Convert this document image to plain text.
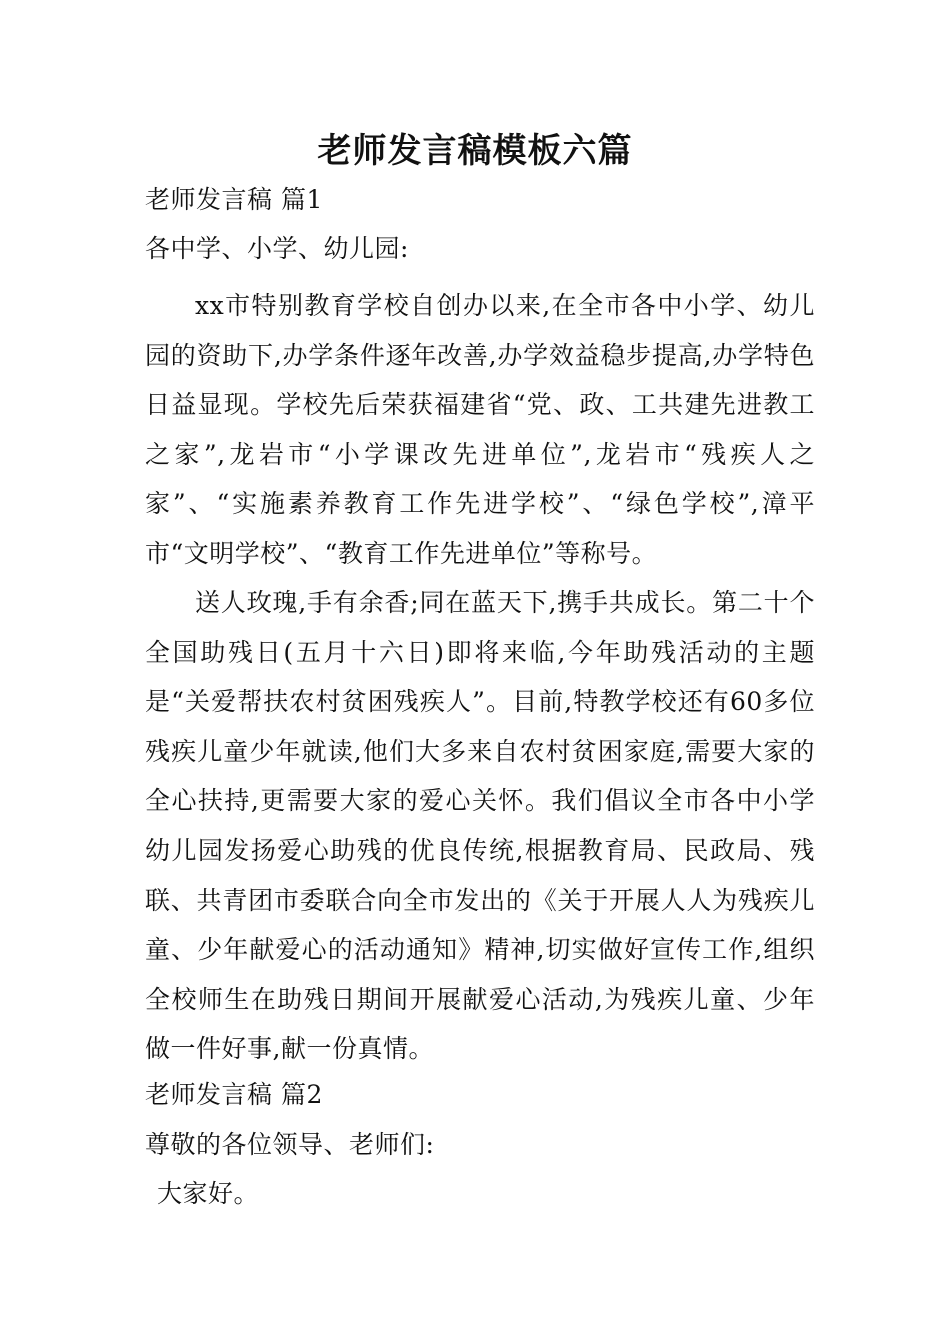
老师发言稿模板六篇
老师发言稿 篇1
各中学、小学、幼儿园:
xx市特别教育学校自创办以来,在全市各中小学、幼儿园的资助下,办学条件逐年改善,办学效益稳步提高,办学特色日益显现。学校先后荣获福建省“党、政、工共建先进教工之家”,龙岩市“小学课改先进单位”,龙岩市“残疾人之家”、“实施素养教育工作先进学校”、“绿色学校”,漳平市“文明学校”、“教育工作先进单位”等称号。
送人玫瑰,手有余香;同在蓝天下,携手共成长。第二十个全国助残日(五月十六日)即将来临,今年助残活动的主题是“关爱帮扶农村贫困残疾人”。目前,特教学校还有60多位残疾儿童少年就读,他们大多来自农村贫困家庭,需要大家的全心扶持,更需要大家的爱心关怀。我们倡议全市各中小学幼儿园发扬爱心助残的优良传统,根据教育局、民政局、残联、共青团市委联合向全市发出的《关于开展人人为残疾儿童、少年献爱心的活动通知》精神,切实做好宣传工作,组织全校师生在助残日期间开展献爱心活动,为残疾儿童、少年做一件好事,献一份真情。
老师发言稿 篇2
尊敬的各位领导、老师们:
大家好。
